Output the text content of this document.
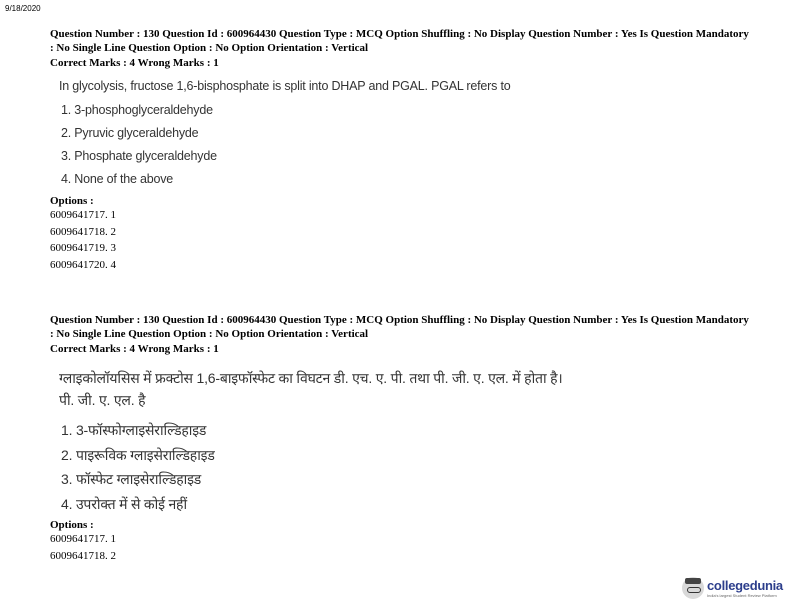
9/18/2020
Question Number : 130 Question Id : 600964430 Question Type : MCQ Option Shuffling : No Display Question Number : Yes Is Question Mandatory : No Single Line Question Option : No Option Orientation : Vertical
Correct Marks : 4 Wrong Marks : 1
In glycolysis, fructose 1,6-bisphosphate is split into DHAP and PGAL. PGAL refers to
1. 3-phosphoglyceraldehyde
2. Pyruvic glyceraldehyde
3. Phosphate glyceraldehyde
4. None of the above
Options :
6009641717. 1
6009641718. 2
6009641719. 3
6009641720. 4
Question Number : 130 Question Id : 600964430 Question Type : MCQ Option Shuffling : No Display Question Number : Yes Is Question Mandatory : No Single Line Question Option : No Option Orientation : Vertical
Correct Marks : 4 Wrong Marks : 1
ग्लाइकोलॉयसिस में फ्रक्टोस 1,6-बाइफॉस्फेट का विघटन डी. एच. ए. पी. तथा पी. जी. ए. एल. में होता है। पी. जी. ए. एल. है
1. 3-फॉस्फोग्लाइसेराल्डिहाइड
2. पाइरूविक ग्लाइसेराल्डिहाइड
3. फॉस्फेट ग्लाइसेराल्डिहाइड
4. उपरोक्त में से कोई नहीं
Options :
6009641717. 1
6009641718. 2
collegedunia
India's largest Student Review Platform
